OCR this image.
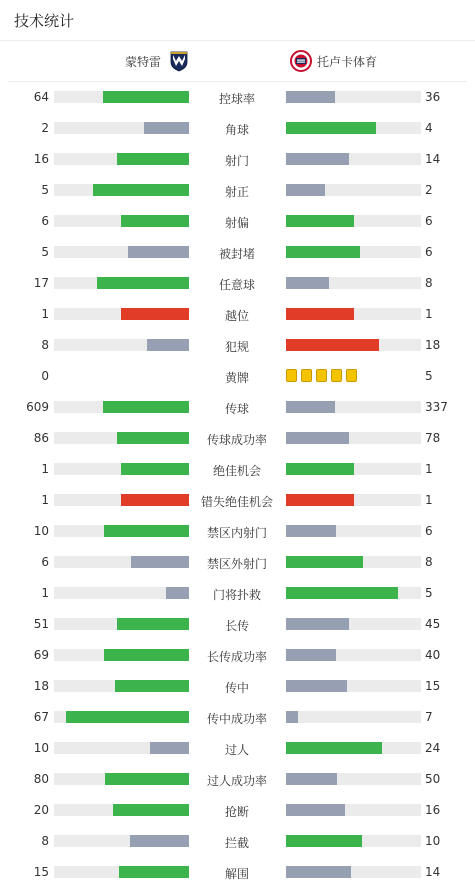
技术统计
蒙特雷	托卢卡体育
64	控球率	36
2	角球	4
16	射门	14
5	射正	2
6	射偏	6
5	被封堵	6
17	任意球	8
1	越位	1
8	犯规	18
0	黄牌	5
609	传球	337
86	传球成功率	78
1	绝佳机会	1
1	错失绝佳机会	1
10	禁区内射门	6
6	禁区外射门	8
1	门将扑救	5
51	长传	45
69	长传成功率	40
18	传中	15
67	传中成功率	7
10	过人	24
80	过人成功率	50
20	抢断	16
8	拦截	10
15	解围	14
